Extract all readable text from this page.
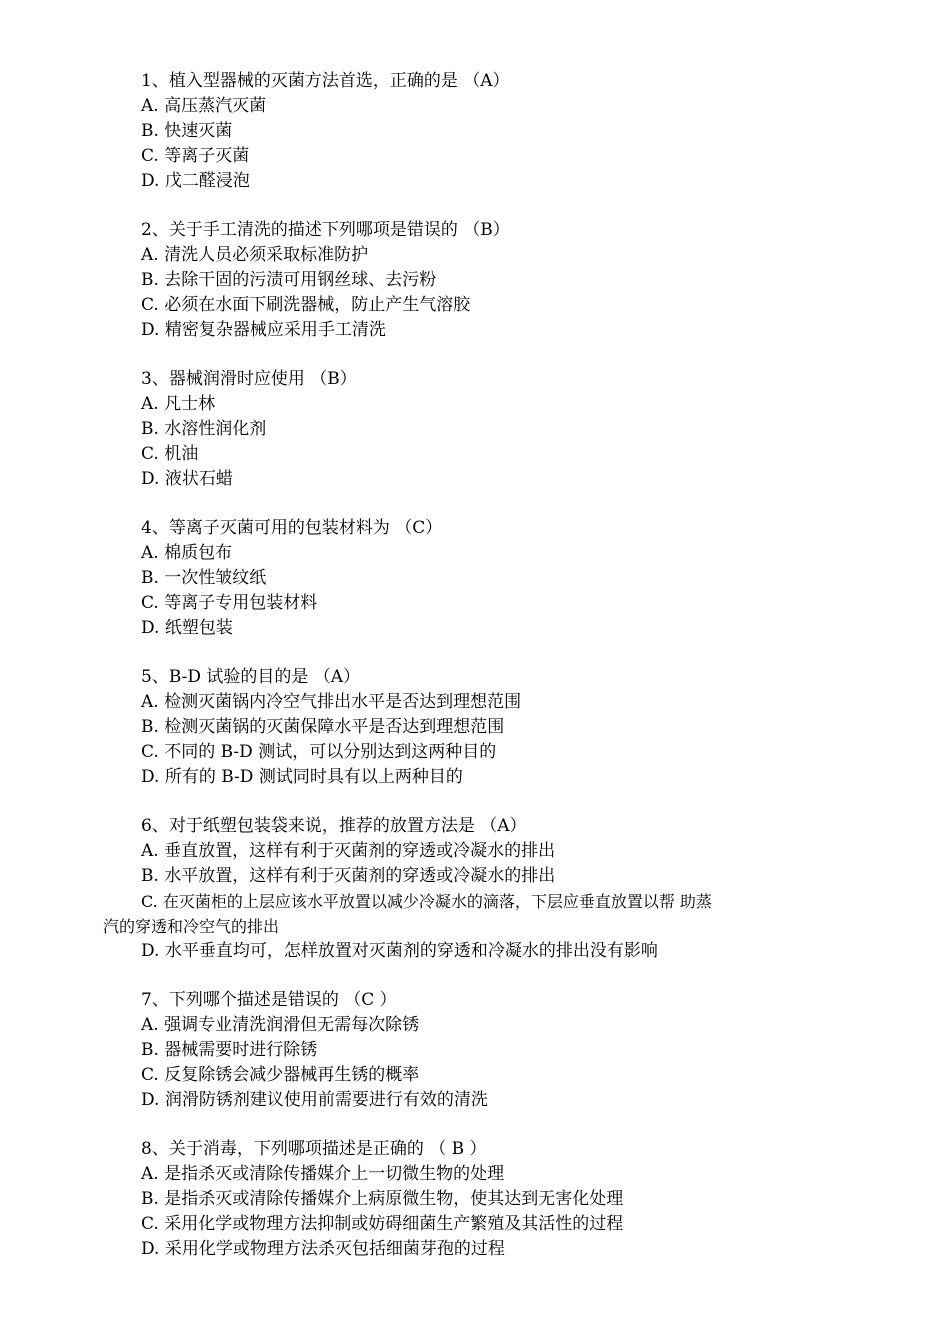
1、植入型器械的灭菌方法首选，正确的是 （A）
A. 高压蒸汽灭菌
B. 快速灭菌
C. 等离子灭菌
D. 戊二醛浸泡
2、关于手工清洗的描述下列哪项是错误的 （B）
A. 清洗人员必须采取标准防护
B. 去除干固的污渍可用钢丝球、去污粉
C. 必须在水面下刷洗器械，防止产生气溶胶
D. 精密复杂器械应采用手工清洗
3、器械润滑时应使用 （B）
A. 凡士林
B. 水溶性润化剂
C. 机油
D. 液状石蜡
4、等离子灭菌可用的包装材料为 （C）
A. 棉质包布
B. 一次性皱纹纸
C. 等离子专用包装材料
D. 纸塑包装
5、B-D 试验的目的是 （A）
A. 检测灭菌锅内冷空气排出水平是否达到理想范围
B. 检测灭菌锅的灭菌保障水平是否达到理想范围
C. 不同的 B-D 测试，可以分别达到这两种目的
D. 所有的 B-D 测试同时具有以上两种目的
6、对于纸塑包装袋来说，推荐的放置方法是 （A）
A. 垂直放置，这样有利于灭菌剂的穿透或冷凝水的排出
B. 水平放置，这样有利于灭菌剂的穿透或冷凝水的排出
C. 在灭菌柜的上层应该水平放置以减少冷凝水的滴落，下层应垂直放置以帮 助蒸
汽的穿透和冷空气的排出
D. 水平垂直均可，怎样放置对灭菌剂的穿透和冷凝水的排出没有影响
7、下列哪个描述是错误的 （C ）
A. 强调专业清洗润滑但无需每次除锈
B. 器械需要时进行除锈
C. 反复除锈会减少器械再生锈的概率
D. 润滑防锈剂建议使用前需要进行有效的清洗
8、关于消毒，下列哪项描述是正确的 （ B ）
A. 是指杀灭或清除传播媒介上一切微生物的处理
B. 是指杀灭或清除传播媒介上病原微生物，使其达到无害化处理
C. 采用化学或物理方法抑制或妨碍细菌生产繁殖及其活性的过程
D. 采用化学或物理方法杀灭包括细菌芽孢的过程
